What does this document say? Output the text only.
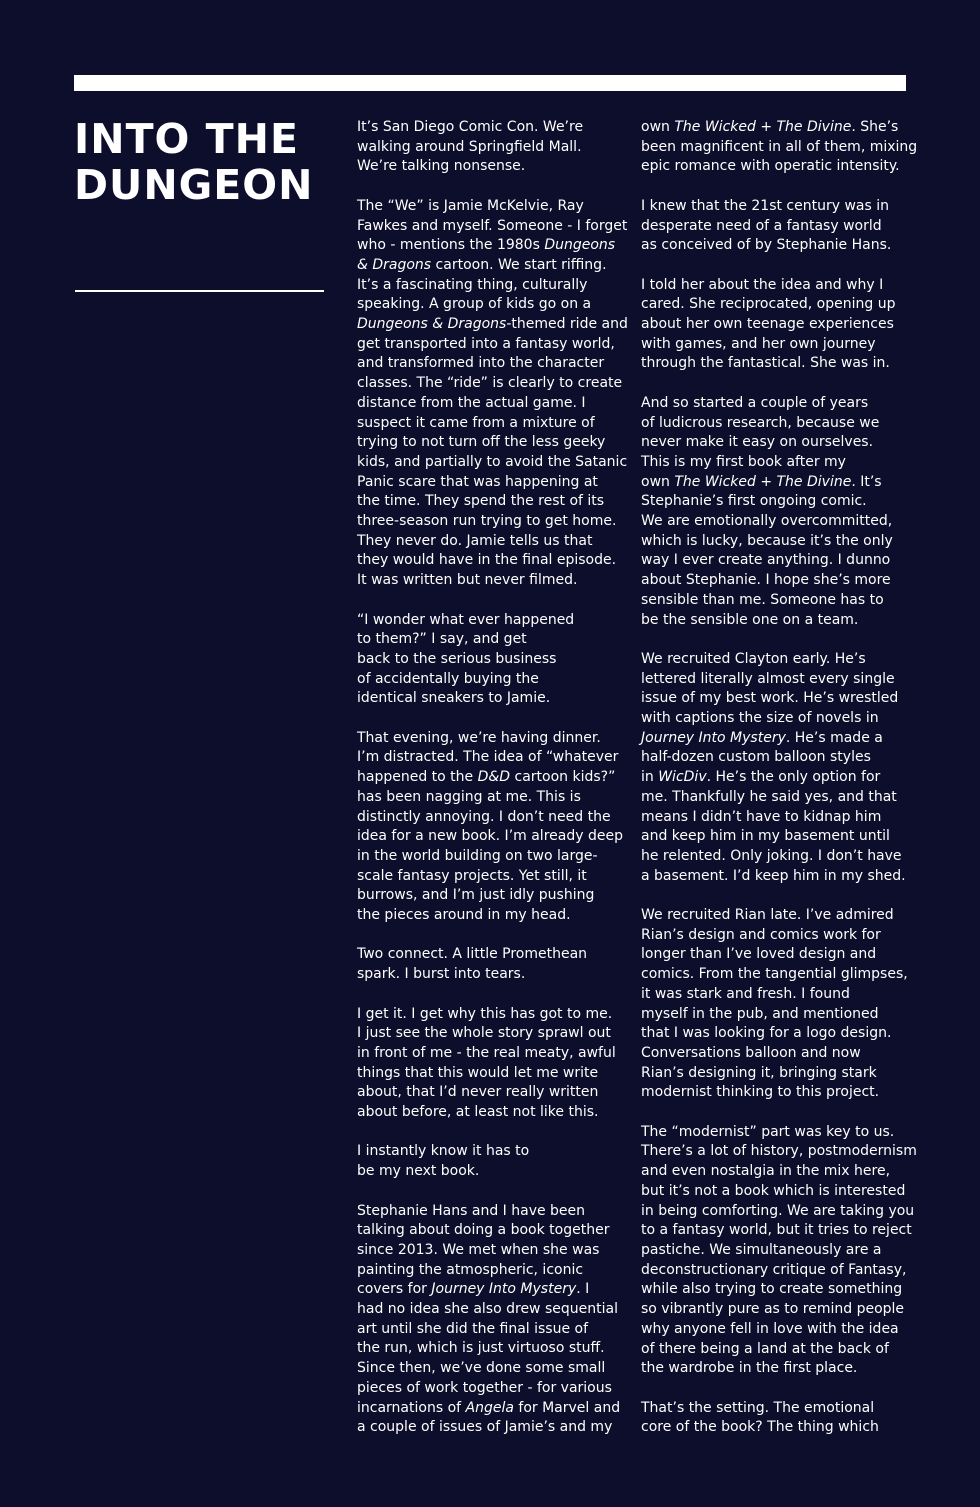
INTO THE
DUNGEON

It’s San Diego Comic Con. We’re
walking around Springfield Mall.
We’re talking nonsense.

The “We” is Jamie McKelvie, Ray
Fawkes and myself. Someone - I forget
who - mentions the 1980s Dungeons
& Dragons cartoon. We start riffing.
It’s a fascinating thing, culturally
speaking. A group of kids go on a
Dungeons & Dragons-themed ride and
get transported into a fantasy world,
and transformed into the character
classes. The “ride” is clearly to create
distance from the actual game. I
suspect it came from a mixture of
trying to not turn off the less geeky
kids, and partially to avoid the Satanic
Panic scare that was happening at
the time. They spend the rest of its
three-season run trying to get home.
They never do. Jamie tells us that
they would have in the final episode.
It was written but never filmed.

“I wonder what ever happened
to them?” I say, and get
back to the serious business
of accidentally buying the
identical sneakers to Jamie.

That evening, we’re having dinner.
I’m distracted. The idea of “whatever
happened to the D&D cartoon kids?”
has been nagging at me. This is
distinctly annoying. I don’t need the
idea for a new book. I’m already deep
in the world building on two large-
scale fantasy projects. Yet still, it
burrows, and I’m just idly pushing
the pieces around in my head.

Two connect. A little Promethean
spark. I burst into tears.

I get it. I get why this has got to me.
I just see the whole story sprawl out
in front of me - the real meaty, awful
things that this would let me write
about, that I’d never really written
about before, at least not like this.

I instantly know it has to
be my next book.

Stephanie Hans and I have been
talking about doing a book together
since 2013. We met when she was
painting the atmospheric, iconic
covers for Journey Into Mystery. I
had no idea she also drew sequential
art until she did the final issue of
the run, which is just virtuoso stuff.
Since then, we’ve done some small
pieces of work together - for various
incarnations of Angela for Marvel and
a couple of issues of Jamie’s and my

own The Wicked + The Divine. She’s
been magnificent in all of them, mixing
epic romance with operatic intensity.

I knew that the 21st century was in
desperate need of a fantasy world
as conceived of by Stephanie Hans.

I told her about the idea and why I
cared. She reciprocated, opening up
about her own teenage experiences
with games, and her own journey
through the fantastical. She was in.

And so started a couple of years
of ludicrous research, because we
never make it easy on ourselves.
This is my first book after my
own The Wicked + The Divine. It’s
Stephanie’s first ongoing comic.
We are emotionally overcommitted,
which is lucky, because it’s the only
way I ever create anything. I dunno
about Stephanie. I hope she’s more
sensible than me. Someone has to
be the sensible one on a team.

We recruited Clayton early. He’s
lettered literally almost every single
issue of my best work. He’s wrestled
with captions the size of novels in
Journey Into Mystery. He’s made a
half-dozen custom balloon styles
in WicDiv. He’s the only option for
me. Thankfully he said yes, and that
means I didn’t have to kidnap him
and keep him in my basement until
he relented. Only joking. I don’t have
a basement. I’d keep him in my shed.

We recruited Rian late. I’ve admired
Rian’s design and comics work for
longer than I’ve loved design and
comics. From the tangential glimpses,
it was stark and fresh. I found
myself in the pub, and mentioned
that I was looking for a logo design.
Conversations balloon and now
Rian’s designing it, bringing stark
modernist thinking to this project.

The “modernist” part was key to us.
There’s a lot of history, postmodernism
and even nostalgia in the mix here,
but it’s not a book which is interested
in being comforting. We are taking you
to a fantasy world, but it tries to reject
pastiche. We simultaneously are a
deconstructionary critique of Fantasy,
while also trying to create something
so vibrantly pure as to remind people
why anyone fell in love with the idea
of there being a land at the back of
the wardrobe in the first place.

That’s the setting. The emotional
core of the book? The thing which
